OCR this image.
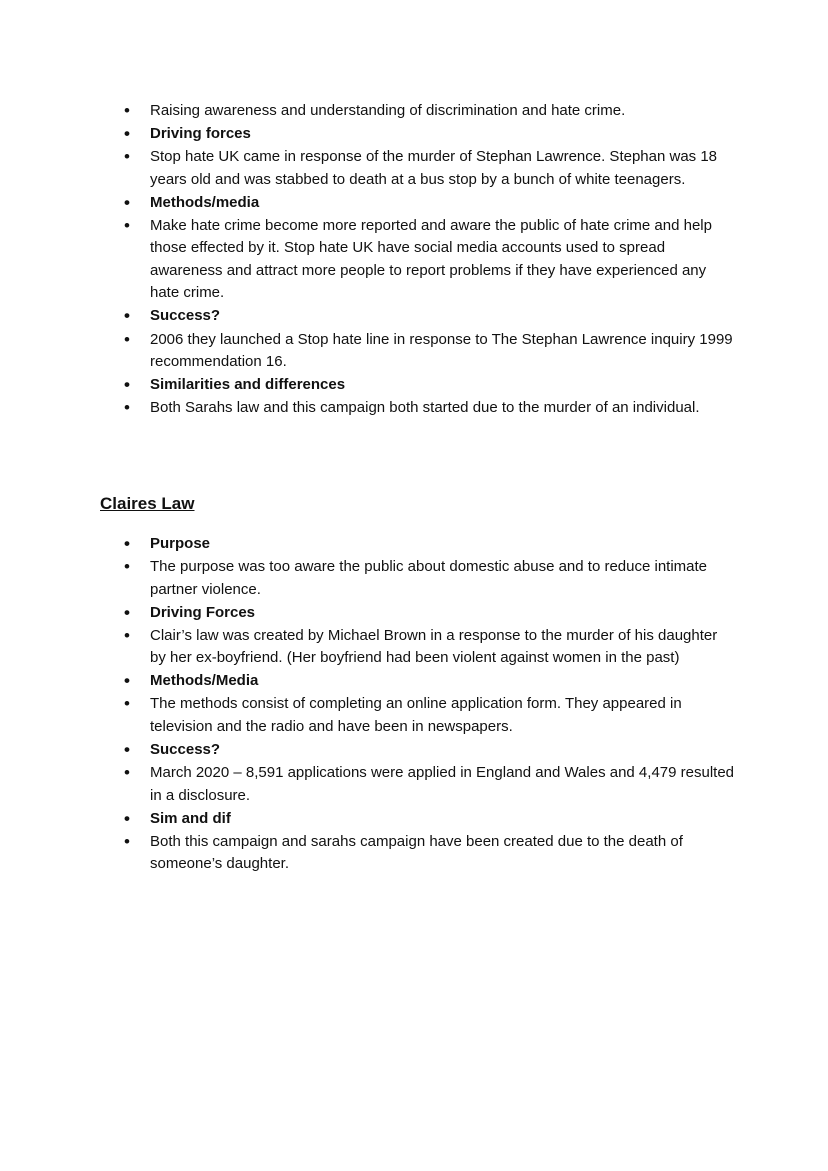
• Raising awareness and understanding of discrimination and hate crime.
• Driving forces
• Stop hate UK came in response of the murder of Stephan Lawrence. Stephan was 18 years old and was stabbed to death at a bus stop by a bunch of white teenagers.
• Methods/media
• Make hate crime become more reported and aware the public of hate crime and help those effected by it. Stop hate UK have social media accounts used to spread awareness and attract more people to report problems if they have experienced any hate crime.
• Success?
• 2006 they launched a Stop hate line in response to The Stephan Lawrence inquiry 1999 recommendation 16.
• Similarities and differences
• Both Sarahs law and this campaign both started due to the murder of an individual.
Claires Law
• Purpose
• The purpose was too aware the public about domestic abuse and to reduce intimate partner violence.
• Driving Forces
• Clair’s law was created by Michael Brown in a response to the murder of his daughter by her ex-boyfriend. (Her boyfriend had been violent against women in the past)
• Methods/Media
• The methods consist of completing an online application form. They appeared in television and the radio and have been in newspapers.
• Success?
• March 2020 – 8,591 applications were applied in England and Wales and 4,479 resulted in a disclosure.
• Sim and dif
• Both this campaign and sarahs campaign have been created due to the death of someone’s daughter.
